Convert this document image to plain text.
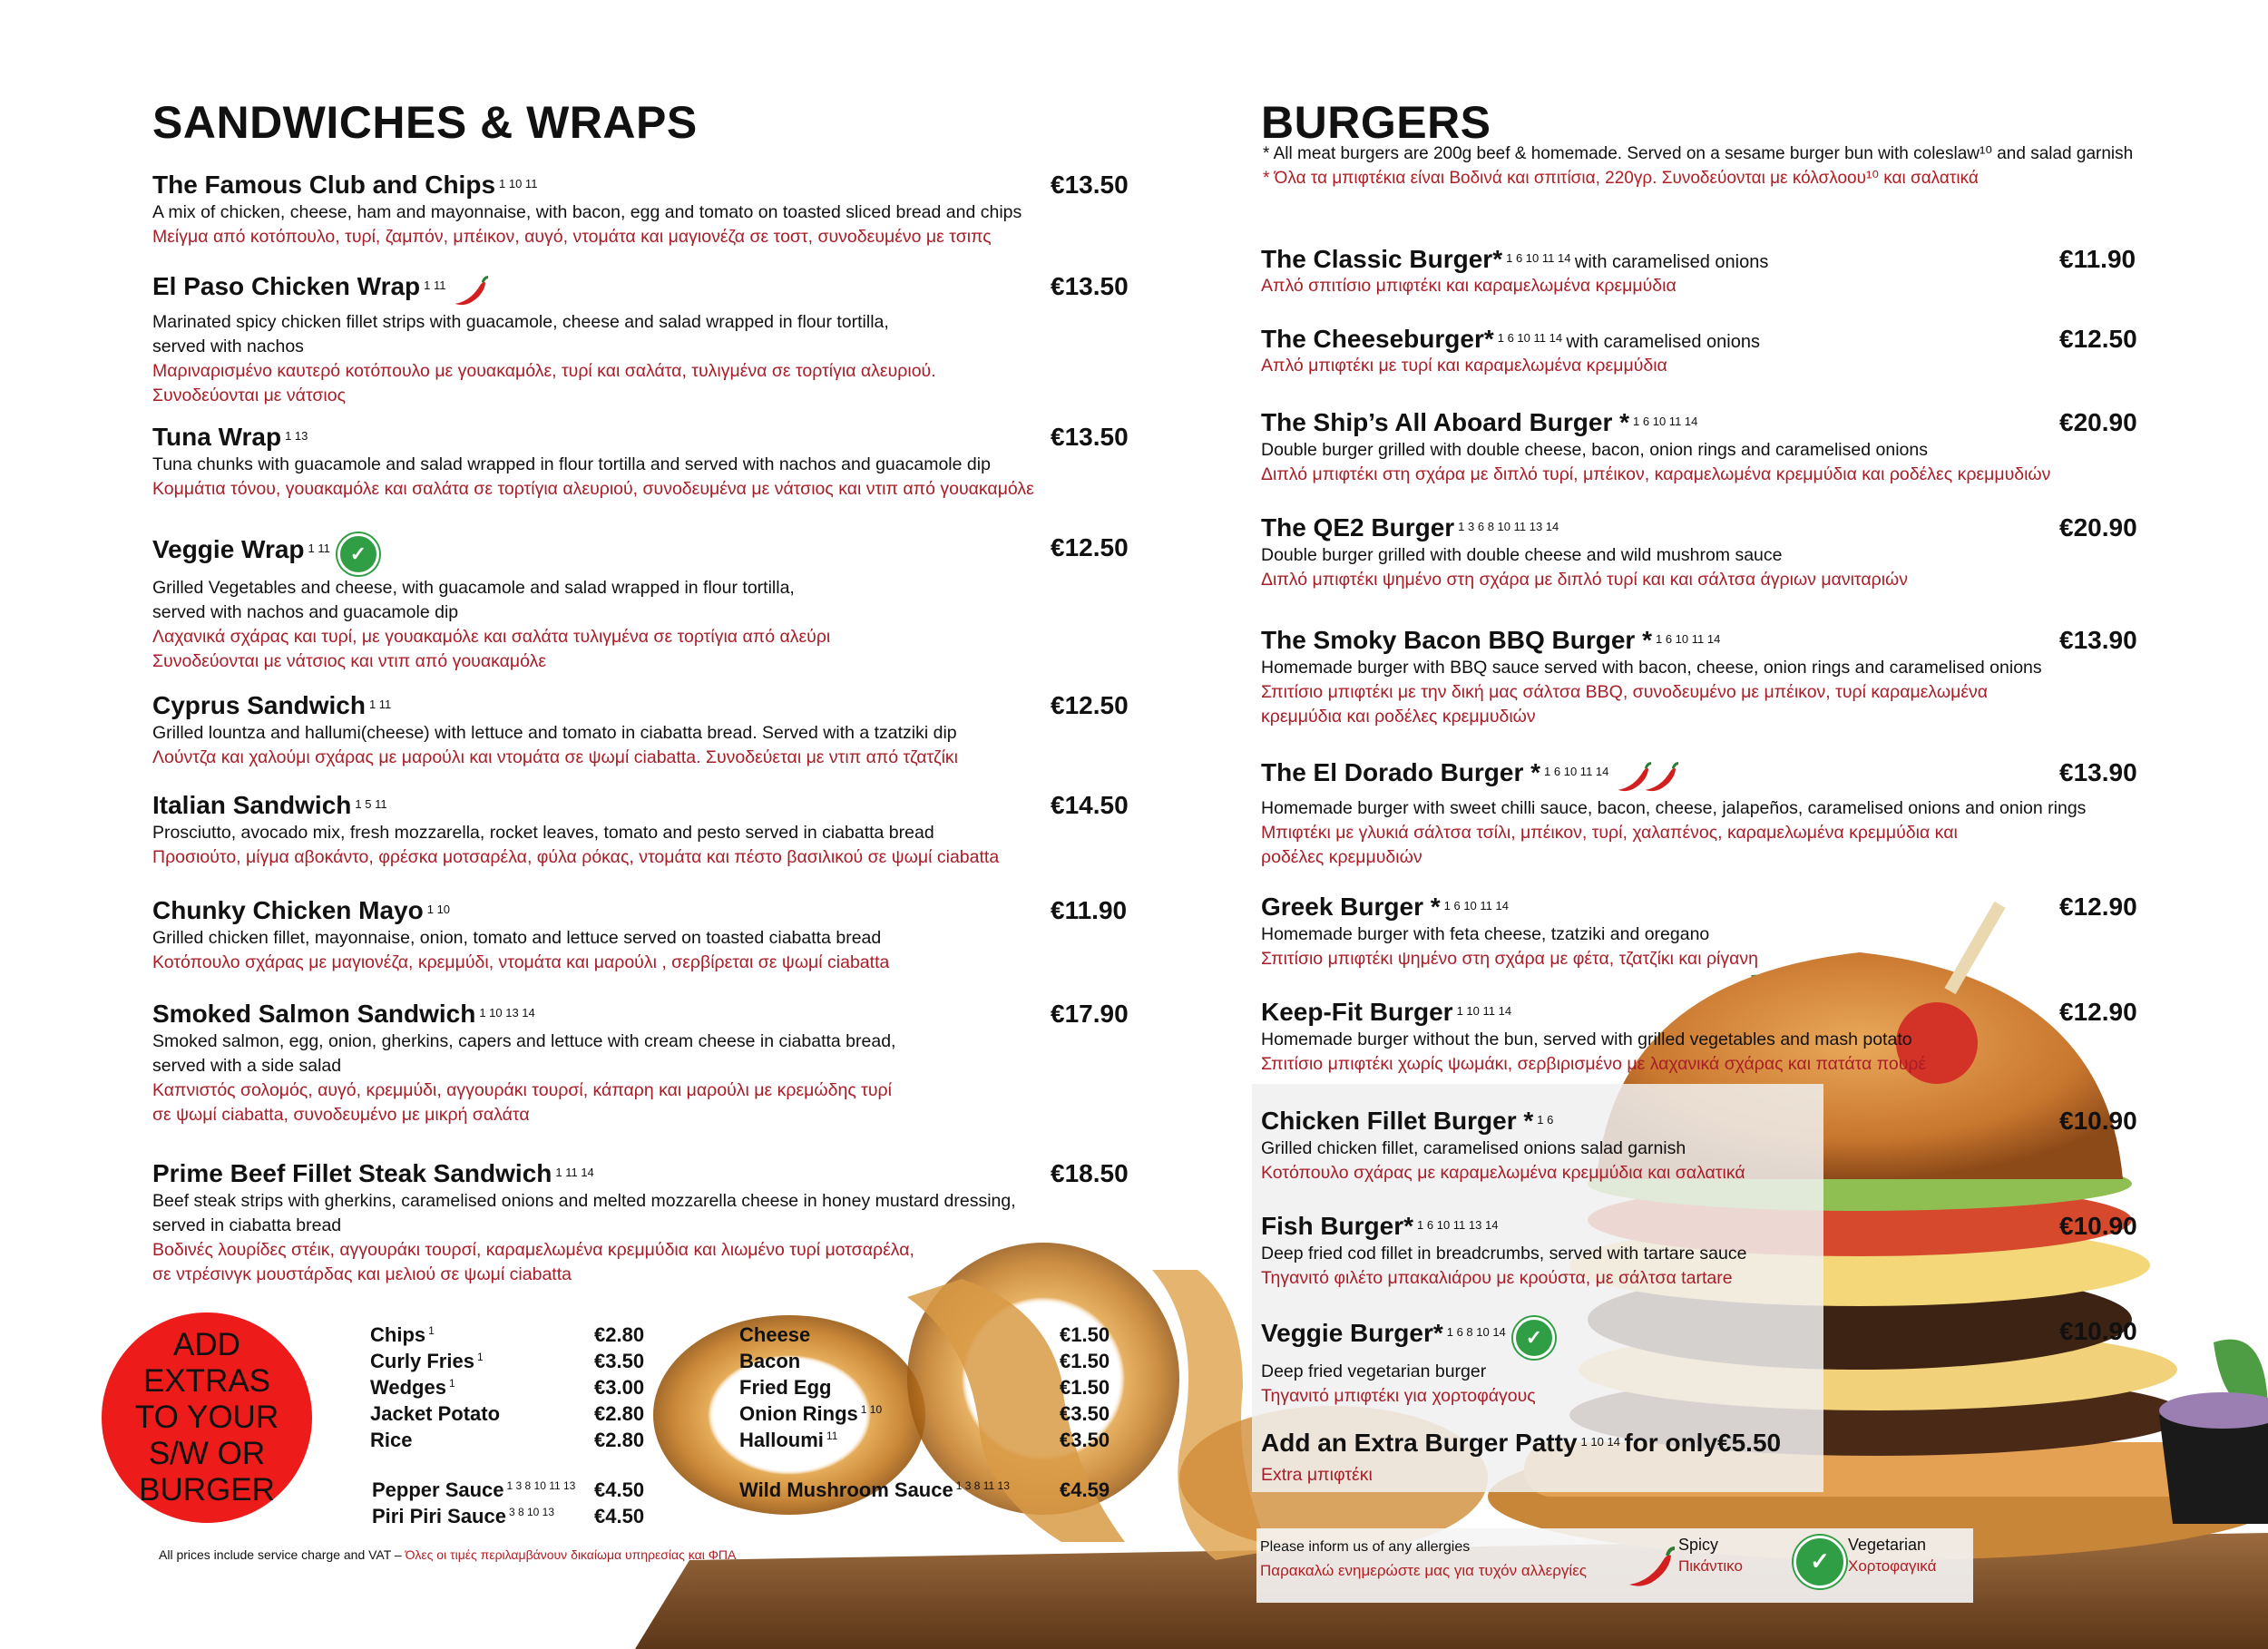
SANDWICHES & WRAPS
The Famous Club and Chips $^{1 10 11}$	€13.50
A mix of chicken, cheese, ham and mayonnaise, with bacon, egg and tomato on toasted sliced bread and chips
Μείγμα από κοτόπουλο, τυρί, ζαμπόν, μπέικον, αυγό, ντομάτα και μαγιονέζα σε τοστ, συνοδευμένο με τσιπς
El Paso Chicken Wrap $^{1 11}$	€13.50
Marinated spicy chicken fillet strips with guacamole, cheese and salad wrapped in flour tortilla,
served with nachos
Μαριναρισμένο καυτερό κοτόπουλο με γουακαμόλε, τυρί και σαλάτα, τυλιγμένα σε τορτίγια αλευριού.
Συνοδεύονται με νάτσιος
Tuna Wrap $^{1 13}$	€13.50
Tuna chunks with guacamole and salad wrapped in flour tortilla and served with nachos and guacamole dip
Κομμάτια τόνου, γουακαμόλε και σαλάτα σε τορτίγια αλευριού, συνοδευμένα με νάτσιος και ντιπ από γουακαμόλε
Veggie Wrap $^{1 11}$ ✓	€12.50
Grilled Vegetables and cheese, with guacamole and salad wrapped in flour tortilla,
served with nachos and guacamole dip
Λαχανικά σχάρας και τυρί, με γουακαμόλε και σαλάτα τυλιγμένα σε τορτίγια από αλεύρι
Συνοδεύονται με νάτσιος και ντιπ από γουακαμόλε
Cyprus Sandwich $^{1 11}$	€12.50
Grilled lountza and hallumi(cheese) with lettuce and tomato in ciabatta bread. Served with a tzatziki dip
Λούντζα και χαλούμι σχάρας με μαρούλι και ντομάτα σε ψωμί ciabatta. Συνοδεύεται με ντιπ από τζατζίκι
Italian Sandwich $^{1 5 11}$	€14.50
Prosciutto, avocado mix, fresh mozzarella, rocket leaves, tomato and pesto served in ciabatta bread
Προσιούτο, μίγμα αβοκάντο, φρέσκα μοτσαρέλα, φύλα ρόκας, ντομάτα και πέστο βασιλικού σε ψωμί ciabatta
Chunky Chicken Mayo $^{1 10}$	€11.90
Grilled chicken fillet, mayonnaise, onion, tomato and lettuce served on toasted ciabatta bread
Κοτόπουλο σχάρας με μαγιονέζα, κρεμμύδι, ντομάτα και μαρούλι , σερβίρεται σε ψωμί ciabatta
Smoked Salmon Sandwich $^{1 10 13 14}$	€17.90
Smoked salmon, egg, onion, gherkins, capers and lettuce with cream cheese in ciabatta bread,
served with a side salad
Καπνιστός σολομός, αυγό, κρεμμύδι, αγγουράκι τουρσί, κάπαρη και μαρούλι με κρεμώδης τυρί
σε ψωμί ciabatta, συνοδευμένο με μικρή σαλάτα
Prime Beef Fillet Steak Sandwich $^{1 11 14}$	€18.50
Beef steak strips with gherkins, caramelised onions and melted mozzarella cheese in honey mustard dressing,
served in ciabatta bread
Βοδινές λουρίδες στέικ, αγγουράκι τουρσί, καραμελωμένα κρεμμύδια και λιωμένο τυρί μοτσαρέλα,
σε ντρέσινγκ μουστάρδας και μελιού σε ψωμί ciabatta
ADD EXTRAS TO YOUR S/W OR BURGER
Chips $^1$	€2.80
Curly Fries $^1$	€3.50
Wedges $^1$	€3.00
Jacket Potato	€2.80
Rice	€2.80
Cheese	€1.50
Bacon	€1.50
Fried Egg	€1.50
Onion Rings $^{1 10}$	€3.50
Halloumi $^{11}$	€3.50
Pepper Sauce $^{1 3 8 10 11 13}$ €4.50
Piri Piri Sauce $^{3 8 10 13}$ €4.50
Wild Mushroom Sauce $^{1 3 8 11 13}$	€4.59
All prices include service charge and VAT – Όλες οι τιμές περιλαμβάνουν δικαίωμα υπηρεσίας και ΦΠΑ
BURGERS
* All meat burgers are 200g beef & homemade. Served on a sesame burger bun with coleslaw¹⁰ and salad garnish
* Όλα τα μπιφτέκια είναι Βοδινά και σπιτίσια, 220γρ. Συνοδεύονται με κόλσλοου¹⁰ και σαλατικά
The Classic Burger* $^{1 6 10 11 14}$ with caramelised onions	€11.90
Απλό σπιτίσιο μπιφτέκι και καραμελωμένα κρεμμύδια
The Cheeseburger* $^{1 6 10 11 14}$ with caramelised onions	€12.50
Απλό μπιφτέκι με τυρί και καραμελωμένα κρεμμύδια
The Ship’s All Aboard Burger * $^{1 6 10 11 14}$	€20.90
Double burger grilled with double cheese, bacon, onion rings and caramelised onions
Διπλό μπιφτέκι στη σχάρα με διπλό τυρί, μπέικον, καραμελωμένα κρεμμύδια και ροδέλες κρεμμυδιών
The QE2 Burger $^{1 3 6 8 10 11 13 14}$	€20.90
Double burger grilled with double cheese and wild mushrom sauce
Διπλό μπιφτέκι ψημένο στη σχάρα με διπλό τυρί και και σάλτσα άγριων μανιταριών
The Smoky Bacon BBQ Burger * $^{1 6 10 11 14}$	€13.90
Homemade burger with BBQ sauce served with bacon, cheese, onion rings and caramelised onions
Σπιτίσιο μπιφτέκι με την δική μας σάλτσα BBQ, συνοδευμένο με μπέικον, τυρί καραμελωμένα
κρεμμύδια και ροδέλες κρεμμυδιών
The El Dorado Burger * $^{1 6 10 11 14}$	€13.90
Homemade burger with sweet chilli sauce, bacon, cheese, jalapeños, caramelised onions and onion rings
Μπιφτέκι με γλυκιά σάλτσα τσίλι, μπέικον, τυρί, χαλαπένος, καραμελωμένα κρεμμύδια και
ροδέλες κρεμμυδιών
Greek Burger * $^{1 6 10 11 14}$	€12.90
Homemade burger with feta cheese, tzatziki and oregano
Σπιτίσιο μπιφτέκι ψημένο στη σχάρα με φέτα, τζατζίκι και ρίγανη
Keep-Fit Burger $^{1 10 11 14}$	€12.90
Homemade burger without the bun, served with grilled vegetables and mash potato
Σπιτίσιο μπιφτέκι χωρίς ψωμάκι, σερβιρισμένο με λαχανικά σχάρας και πατάτα πουρέ
Chicken Fillet Burger * $^{1 6}$	€10.90
Grilled chicken fillet, caramelised onions salad garnish
Κοτόπουλο σχάρας με καραμελωμένα κρεμμύδια και σαλατικά
Fish Burger* $^{1 6 10 11 13 14}$	€10.90
Deep fried cod fillet in breadcrumbs, served with tartare sauce
Τηγανιτό φιλέτο μπακαλιάρου με κρούστα, με σάλτσα tartare
Veggie Burger* $^{1 6 8 10 14}$ ✓	€10.90
Deep fried vegetarian burger
Τηγανιτό μπιφτέκι για χορτοφάγους
Add an Extra Burger Patty $^{1 10 14}$ for only€5.50
Extra μπιφτέκι
Please inform us of any allergies
Παρακαλώ ενημερώστε μας για τυχόν αλλεργίες
Spicy
Πικάντικο	✓
Vegetarian
Χορτοφαγικά
